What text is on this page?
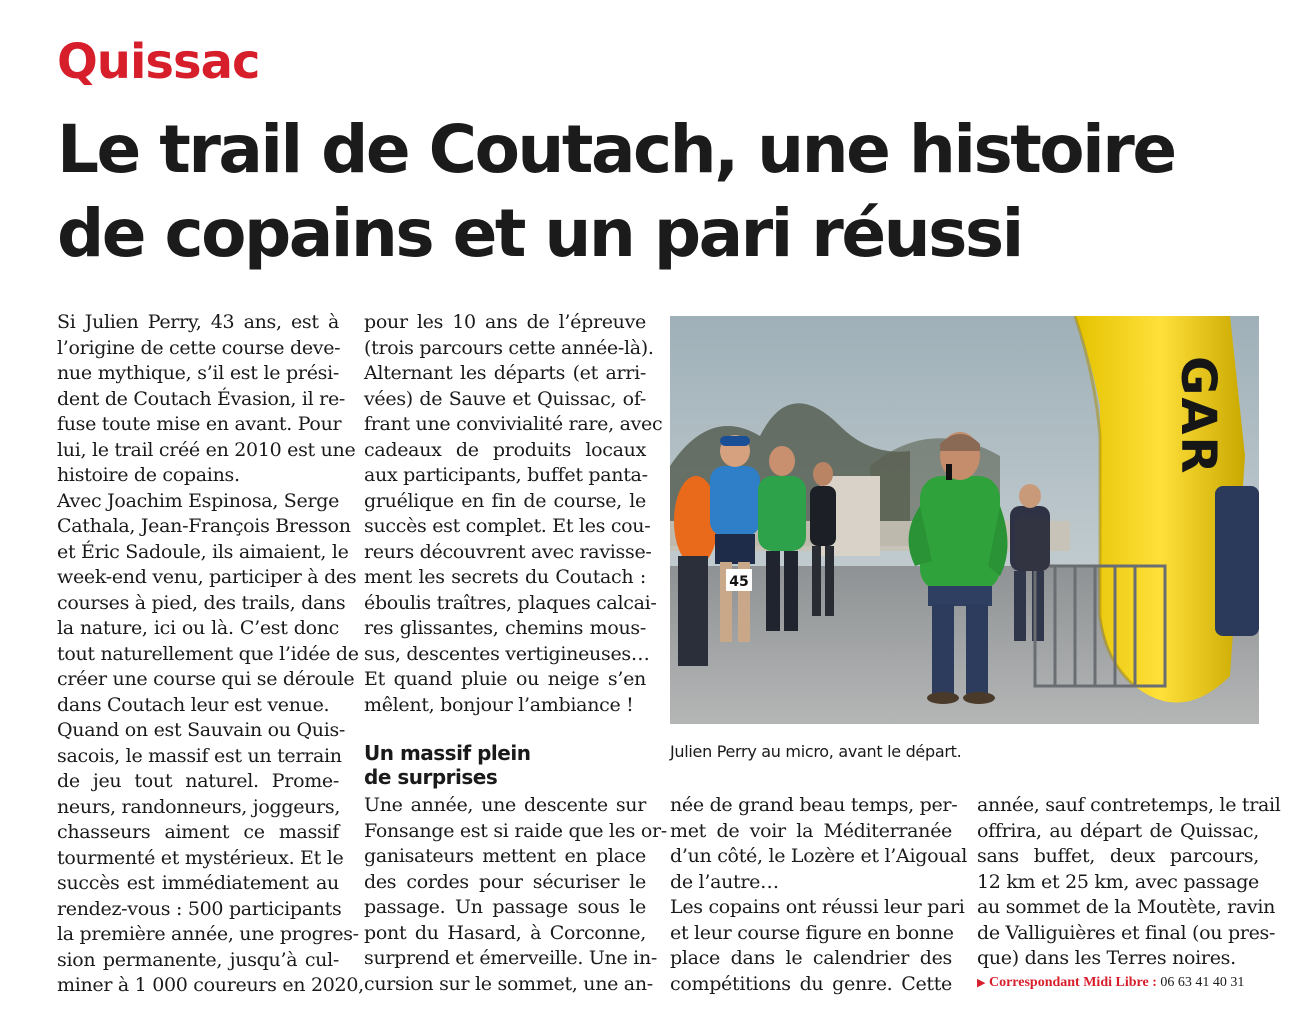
Quissac
Le trail de Coutach, une histoire
de copains et un pari réussi
Si Julien Perry, 43 ans, est à
l’origine de cette course deve-
nue mythique, s’il est le prési-
dent de Coutach Évasion, il re-
fuse toute mise en avant. Pour
lui, le trail créé en 2010 est une
histoire de copains.
Avec Joachim Espinosa, Serge
Cathala, Jean-François Bresson
et Éric Sadoule, ils aimaient, le
week-end venu, participer à des
courses à pied, des trails, dans
la nature, ici ou là. C’est donc
tout naturellement que l’idée de
créer une course qui se déroule
dans Coutach leur est venue.
Quand on est Sauvain ou Quis-
sacois, le massif est un terrain
de jeu tout naturel. Prome-
neurs, randonneurs, joggeurs,
chasseurs aiment ce massif
tourmenté et mystérieux. Et le
succès est immédiatement au
rendez-vous : 500 participants
la première année, une progres-
sion permanente, jusqu’à cul-
miner à 1 000 coureurs en 2020,
pour les 10 ans de l’épreuve
(trois parcours cette année-là).
Alternant les départs (et arri-
vées) de Sauve et Quissac, of-
frant une convivialité rare, avec
cadeaux de produits locaux
aux participants, buffet panta-
gruélique en fin de course, le
succès est complet. Et les cou-
reurs découvrent avec ravisse-
ment les secrets du Coutach :
éboulis traîtres, plaques calcai-
res glissantes, chemins mous-
sus, descentes vertigineuses…
Et quand pluie ou neige s’en
mêlent, bonjour l’ambiance !
Un massif plein
de surprises
Une année, une descente sur
Fonsange est si raide que les or-
ganisateurs mettent en place
des cordes pour sécuriser le
passage. Un passage sous le
pont du Hasard, à Corconne,
surprend et émerveille. Une in-
cursion sur le sommet, une an-
née de grand beau temps, per-
met de voir la Méditerranée
d’un côté, le Lozère et l’Aigoual
de l’autre…
Les copains ont réussi leur pari
et leur course figure en bonne
place dans le calendrier des
compétitions du genre. Cette
année, sauf contretemps, le trail
offrira, au départ de Quissac,
sans buffet, deux parcours,
12 km et 25 km, avec passage
au sommet de la Moutète, ravin
de Valliguières et final (ou pres-
que) dans les Terres noires.
45
GAR
Julien Perry au micro, avant le départ.
▶ Correspondant Midi Libre : 06 63 41 40 31
